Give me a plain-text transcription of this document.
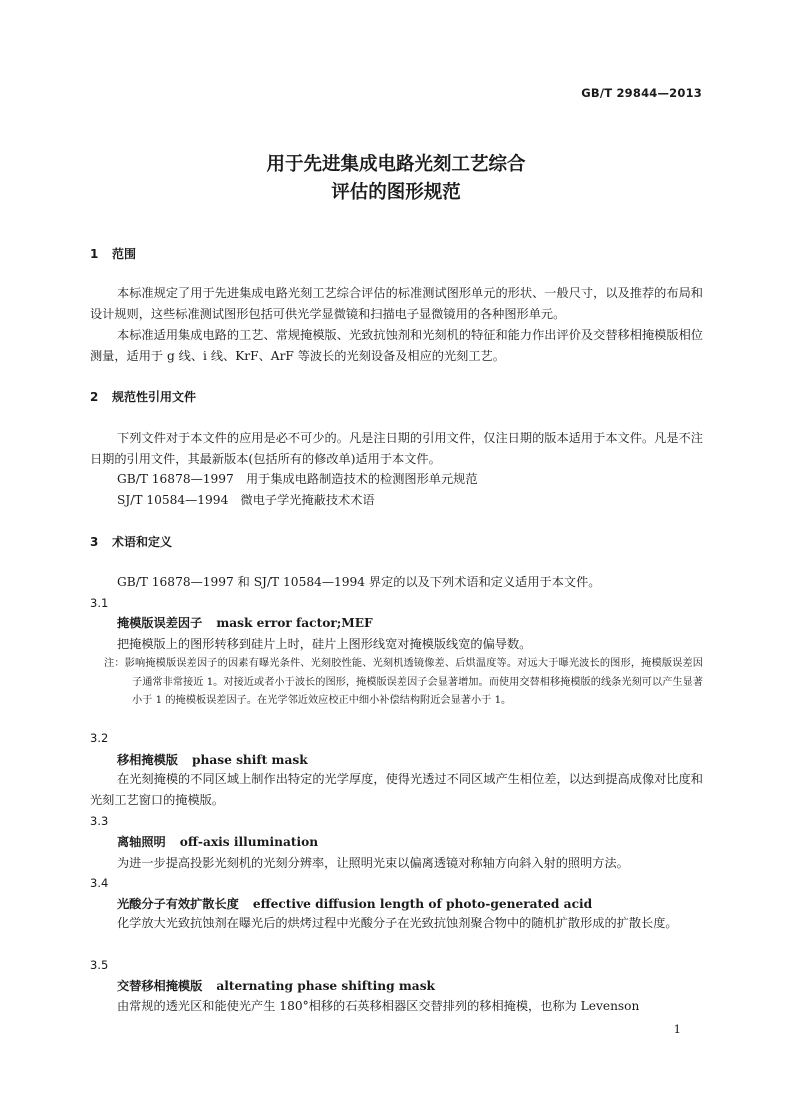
GB/T 29844—2013
用于先进集成电路光刻工艺综合
评估的图形规范
1 范围
本标准规定了用于先进集成电路光刻工艺综合评估的标准测试图形单元的形状、一般尺寸，以及推荐的布局和设计规则，这些标准测试图形包括可供光学显微镜和扫描电子显微镜用的各种图形单元。
本标准适用集成电路的工艺、常规掩模版、光致抗蚀剂和光刻机的特征和能力作出评价及交替移相掩模版相位测量，适用于 g 线、i 线、KrF、ArF 等波长的光刻设备及相应的光刻工艺。
2 规范性引用文件
下列文件对于本文件的应用是必不可少的。凡是注日期的引用文件，仅注日期的版本适用于本文件。凡是不注日期的引用文件，其最新版本(包括所有的修改单)适用于本文件。
GB/T 16878—1997　用于集成电路制造技术的检测图形单元规范
SJ/T 10584—1994　微电子学光掩蔽技术术语
3 术语和定义
GB/T 16878—1997 和 SJ/T 10584—1994 界定的以及下列术语和定义适用于本文件。
3.1
掩模版误差因子 mask error factor;MEF
把掩模版上的图形转移到硅片上时，硅片上图形线宽对掩模版线宽的偏导数。
注：影响掩模版误差因子的因素有曝光条件、光刻胶性能、光刻机透镜像差、后烘温度等。对远大于曝光波长的图形，掩模版误差因子通常非常接近 1。对接近或者小于波长的图形，掩模版误差因子会显著增加。而使用交替相移掩模版的线条光刻可以产生显著小于 1 的掩模板误差因子。在光学邻近效应校正中细小补偿结构附近会显著小于 1。
3.2
移相掩模版 phase shift mask
在光刻掩模的不同区域上制作出特定的光学厚度，使得光透过不同区域产生相位差，以达到提高成像对比度和光刻工艺窗口的掩模版。
3.3
离轴照明 off-axis illumination
为进一步提高投影光刻机的光刻分辨率，让照明光束以偏离透镜对称轴方向斜入射的照明方法。
3.4
光酸分子有效扩散长度 effective diffusion length of photo-generated acid
化学放大光致抗蚀剂在曝光后的烘烤过程中光酸分子在光致抗蚀剂聚合物中的随机扩散形成的扩散长度。
3.5
交替移相掩模版 alternating phase shifting mask
由常规的透光区和能使光产生 180°相移的石英移相器区交替排列的移相掩模，也称为 Levenson
1
